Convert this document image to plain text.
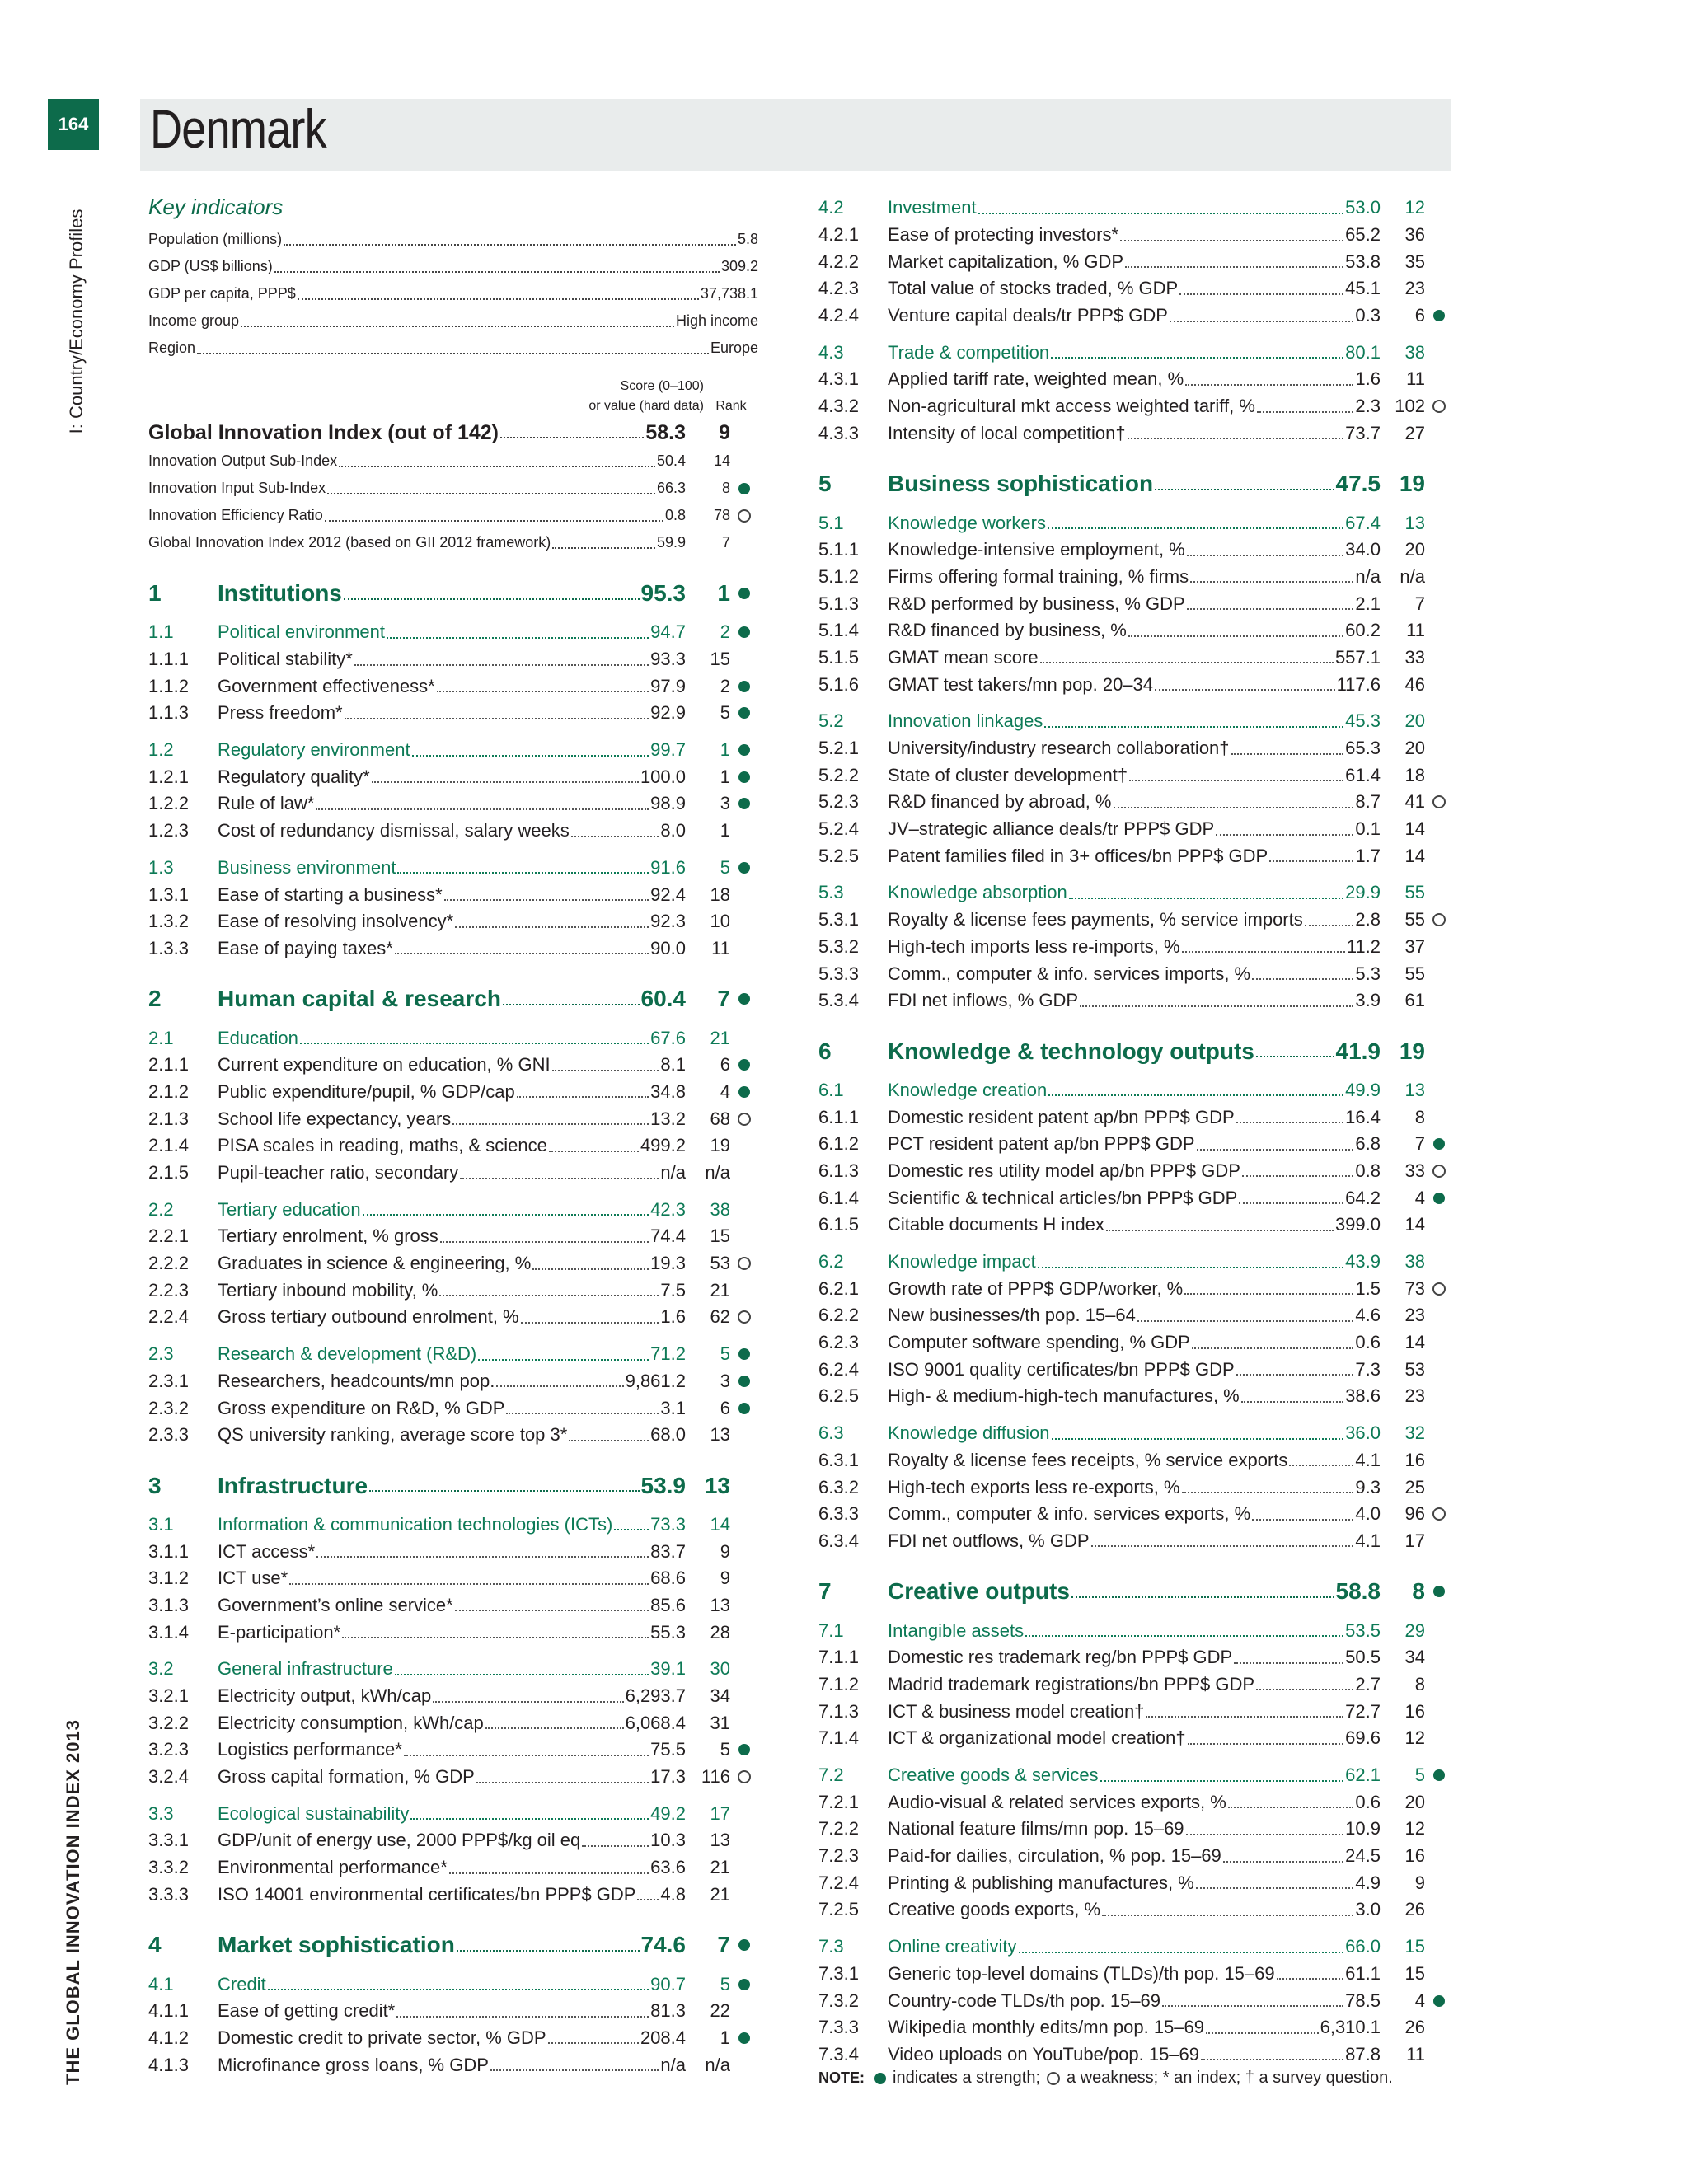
164 Denmark
I: Country/Economy Profiles
THE GLOBAL INNOVATION INDEX 2013
Key indicators
Population (millions)	5.8
GDP (US$ billions)	309.2
GDP per capita, PPP$	37,738.1
Income group	High income
Region	Europe
Score (0–100)
or value (hard data) Rank
Global Innovation Index (out of 142)	58.3	9
Innovation Output Sub-Index	50.4	14
Innovation Input Sub-Index	66.3	8
Innovation Efficiency Ratio	0.8	78
Global Innovation Index 2012 (based on GII 2012 framework)	59.9	7
1	Institutions	95.3	1
1.1	Political environment	94.7	2
1.1.1	Political stability*	93.3	15
1.1.2	Government effectiveness*	97.9	2
1.1.3	Press freedom*	92.9	5
1.2	Regulatory environment	99.7	1
1.2.1	Regulatory quality*	100.0	1
1.2.2	Rule of law*	98.9	3
1.2.3	Cost of redundancy dismissal, salary weeks	8.0	1
1.3	Business environment	91.6	5
1.3.1	Ease of starting a business*	92.4	18
1.3.2	Ease of resolving insolvency*	92.3	10
1.3.3	Ease of paying taxes*	90.0	11
2	Human capital & research	60.4	7
2.1	Education	67.6	21
2.1.1	Current expenditure on education, % GNI	8.1	6
2.1.2	Public expenditure/pupil, % GDP/cap	34.8	4
2.1.3	School life expectancy, years	13.2	68
2.1.4	PISA scales in reading, maths, & science	499.2	19
2.1.5	Pupil-teacher ratio, secondary	n/a	n/a
2.2	Tertiary education	42.3	38
2.2.1	Tertiary enrolment, % gross	74.4	15
2.2.2	Graduates in science & engineering, %	19.3	53
2.2.3	Tertiary inbound mobility, %	7.5	21
2.2.4	Gross tertiary outbound enrolment, %	1.6	62
2.3	Research & development (R&D)	71.2	5
2.3.1	Researchers, headcounts/mn pop.	9,861.2	3
2.3.2	Gross expenditure on R&D, % GDP	3.1	6
2.3.3	QS university ranking, average score top 3*	68.0	13
3	Infrastructure	53.9 13
3.1	Information & communication technologies (ICTs) 73.3	14
3.1.1	ICT access*	83.7	9
3.1.2	ICT use*	68.6	9
3.1.3	Government’s online service*	85.6	13
3.1.4	E-participation*	55.3	28
3.2	General infrastructure	39.1	30
3.2.1	Electricity output, kWh/cap	6,293.7	34
3.2.2	Electricity consumption, kWh/cap	6,068.4	31
3.2.3	Logistics performance*	75.5	5
3.2.4	Gross capital formation, % GDP	17.3 116
3.3	Ecological sustainability	49.2	17
3.3.1	GDP/unit of energy use, 2000 PPP$/kg oil eq	10.3	13
3.3.2	Environmental performance*	63.6	21
3.3.3	ISO 14001 environmental certificates/bn PPP$ GDP 4.8	21
4	Market sophistication	74.6	7
4.1	Credit	90.7	5
4.1.1	Ease of getting credit*	81.3	22
4.1.2	Domestic credit to private sector, % GDP	208.4	1
4.1.3	Microfinance gross loans, % GDP	n/a	n/a
4.2	Investment	53.0	12
4.2.1	Ease of protecting investors*	65.2	36
4.2.2	Market capitalization, % GDP	53.8	35
4.2.3	Total value of stocks traded, % GDP	45.1	23
4.2.4	Venture capital deals/tr PPP$ GDP	0.3	6
4.3	Trade & competition	80.1	38
4.3.1	Applied tariff rate, weighted mean, %	1.6	11
4.3.2	Non-agricultural mkt access weighted tariff, %	2.3 102
4.3.3	Intensity of local competition†	73.7	27
5	Business sophistication	47.5 19
5.1	Knowledge workers	67.4	13
5.1.1	Knowledge-intensive employment, %	34.0	20
5.1.2	Firms offering formal training, % firms	n/a	n/a
5.1.3	R&D performed by business, % GDP	2.1	7
5.1.4	R&D financed by business, %	60.2	11
5.1.5	GMAT mean score	557.1	33
5.1.6	GMAT test takers/mn pop. 20–34	117.6	46
5.2	Innovation linkages	45.3	20
5.2.1	University/industry research collaboration†	65.3	20
5.2.2	State of cluster development†	61.4	18
5.2.3	R&D financed by abroad, %	8.7	41
5.2.4	JV–strategic alliance deals/tr PPP$ GDP	0.1	14
5.2.5	Patent families filed in 3+ offices/bn PPP$ GDP	1.7	14
5.3	Knowledge absorption	29.9	55
5.3.1	Royalty & license fees payments, % service imports	2.8	55
5.3.2	High-tech imports less re-imports, %	11.2	37
5.3.3	Comm., computer & info. services imports, %	5.3	55
5.3.4	FDI net inflows, % GDP	3.9	61
6	Knowledge & technology outputs	41.9 19
6.1	Knowledge creation	49.9	13
6.1.1	Domestic resident patent ap/bn PPP$ GDP	16.4	8
6.1.2	PCT resident patent ap/bn PPP$ GDP	6.8	7
6.1.3	Domestic res utility model ap/bn PPP$ GDP	0.8	33
6.1.4	Scientific & technical articles/bn PPP$ GDP	64.2	4
6.1.5	Citable documents H index	399.0	14
6.2	Knowledge impact	43.9	38
6.2.1	Growth rate of PPP$ GDP/worker, %	1.5	73
6.2.2	New businesses/th pop. 15–64	4.6	23
6.2.3	Computer software spending, % GDP	0.6	14
6.2.4	ISO 9001 quality certificates/bn PPP$ GDP	7.3	53
6.2.5	High- & medium-high-tech manufactures, %	38.6	23
6.3	Knowledge diffusion	36.0	32
6.3.1	Royalty & license fees receipts, % service exports	4.1	16
6.3.2	High-tech exports less re-exports, %	9.3	25
6.3.3	Comm., computer & info. services exports, %	4.0	96
6.3.4	FDI net outflows, % GDP	4.1	17
7	Creative outputs	58.8	8
7.1	Intangible assets	53.5	29
7.1.1	Domestic res trademark reg/bn PPP$ GDP	50.5	34
7.1.2	Madrid trademark registrations/bn PPP$ GDP	2.7	8
7.1.3	ICT & business model creation†	72.7	16
7.1.4	ICT & organizational model creation†	69.6	12
7.2	Creative goods & services	62.1	5
7.2.1	Audio-visual & related services exports, %	0.6	20
7.2.2	National feature films/mn pop. 15–69	10.9	12
7.2.3	Paid-for dailies, circulation, % pop. 15–69	24.5	16
7.2.4	Printing & publishing manufactures, %	4.9	9
7.2.5	Creative goods exports, %	3.0	26
7.3	Online creativity	66.0	15
7.3.1	Generic top-level domains (TLDs)/th pop. 15–69	61.1	15
7.3.2	Country-code TLDs/th pop. 15–69	78.5	4
7.3.3	Wikipedia monthly edits/mn pop. 15–69	6,310.1	26
7.3.4	Video uploads on YouTube/pop. 15–69	87.8	11
NOTE: indicates a strength; a weakness; * an index; † a survey question.
